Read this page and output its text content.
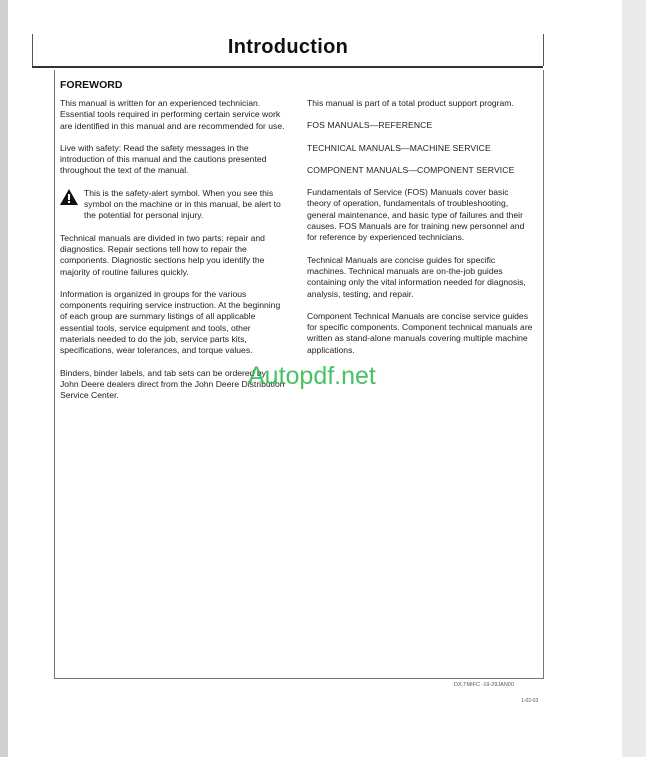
Introduction
FOREWORD

This manual is written for an experienced technician. Essential tools required in performing certain service work are identified in this manual and are recommended for use.

Live with safety: Read the safety messages in the introduction of this manual and the cautions presented throughout the text of the manual.

This is the safety-alert symbol. When you see this symbol on the machine or in this manual, be alert to the potential for personal injury.

Technical manuals are divided in two parts: repair and diagnostics. Repair sections tell how to repair the components. Diagnostic sections help you identify the majority of routine failures quickly.

Information is organized in groups for the various components requiring service instruction. At the beginning of each group are summary listings of all applicable essential tools, service equipment and tools, other materials needed to do the job, service parts kits, specifications, wear tolerances, and torque values.

Binders, binder labels, and tab sets can be ordered by John Deere dealers direct from the John Deere Distribution Service Center.

This manual is part of a total product support program.

FOS MANUALS—REFERENCE

TECHNICAL MANUALS—MACHINE SERVICE

COMPONENT MANUALS—COMPONENT SERVICE

Fundamentals of Service (FOS) Manuals cover basic theory of operation, fundamentals of troubleshooting, general maintenance, and basic type of failures and their causes. FOS Manuals are for training new personnel and for reference by experienced technicians.

Technical Manuals are concise guides for specific machines. Technical manuals are on-the-job guides containing only the vital information needed for diagnosis, analysis, testing, and repair.

Component Technical Manuals are concise service guides for specific components. Component technical manuals are written as stand-alone manuals covering multiple machine applications.

Autopdf.net
DX,TMIFC -19-29JAN00
1-02-03
